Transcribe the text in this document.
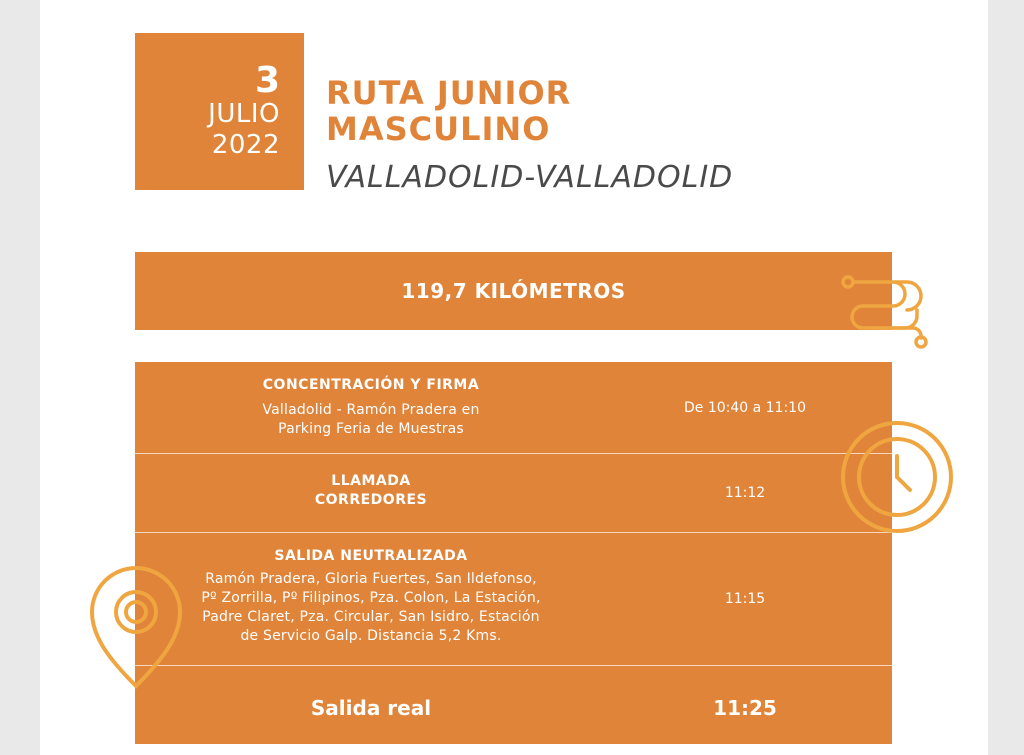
3
JULIO
2022
RUTA JUNIOR
MASCULINO
VALLADOLID-VALLADOLID
119,7 KILÓMETROS
CONCENTRACIÓN Y FIRMA
Valladolid - Ramón Pradera en
Parking Feria de Muestras
De 10:40 a 11:10
LLAMADA
CORREDORES	11:12
SALIDA NEUTRALIZADA
Ramón Pradera, Gloria Fuertes, San Ildefonso,
Pº Zorrilla, Pº Filipinos, Pza. Colon, La Estación,
Padre Claret, Pza. Circular, San Isidro, Estación
de Servicio Galp. Distancia 5,2 Kms.
11:15
Salida real	11:25
